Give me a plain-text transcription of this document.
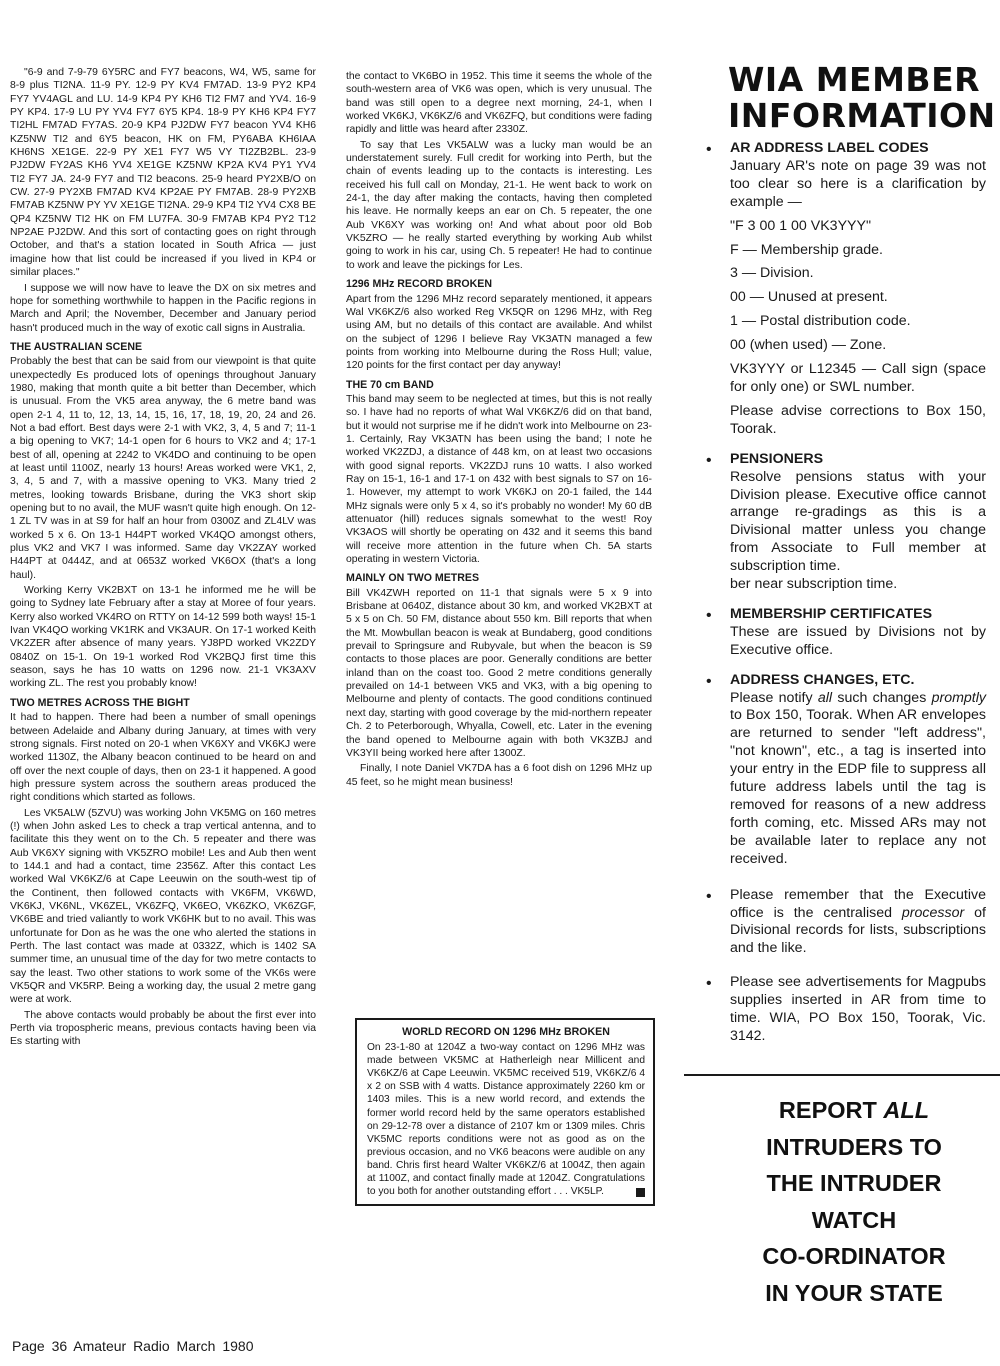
"6-9 and 7-9-79 6Y5RC and FY7 beacons, W4, W5, same for 8-9 plus TI2NA. 11-9 PY. 12-9 PY KV4 FM7AD. 13-9 PY2 KP4 FY7 YV4AGL and LU. 14-9 KP4 PY KH6 TI2 FM7 and YV4. 16-9 PY KP4. 17-9 LU PY YV4 FY7 6Y5 KP4. 18-9 PY KH6 KP4 FY7 TI2HL FM7AD FY7AS. 20-9 KP4 PJ2DW FY7 beacon YV4 KH6 KZ5NW TI2 and 6Y5 beacon, HK on FM, PY6ABA KH6IAA KH6NS XE1GE. 22-9 PY XE1 FY7 W5 VY TI2ZB2BL. 23-9 PJ2DW FY2AS KH6 YV4 XE1GE KZ5NW KP2A KV4 PY1 YV4 TI2 FY7 JA. 24-9 FY7 and TI2 beacons. 25-9 heard PY2XB/O on CW. 27-9 PY2XB FM7AD KV4 KP2AE PY FM7AB. 28-9 PY2XB FM7AB KZ5NW PY YV XE1GE TI2NA. 29-9 KP4 TI2 YV4 CX8 BE QP4 KZ5NW TI2 HK on FM LU7FA. 30-9 FM7AB KP4 PY2 T12 NP2AE PJ2DW. And this sort of contacting goes on right through October, and that's a station located in South Africa — just imagine how that list could be increased if you lived in KP4 or similar places."

I suppose we will now have to leave the DX on six metres and hope for something worthwhile to happen in the Pacific regions in March and April; the November, December and January period hasn't produced much in the way of exotic call signs in Australia.

THE AUSTRALIAN SCENE

Probably the best that can be said from our viewpoint is that quite unexpectedly Es produced lots of openings throughout January 1980, making that month quite a bit better than December, which is unusual. From the VK5 area anyway, the 6 metre band was open 2-1 4, 11 to, 12, 13, 14, 15, 16, 17, 18, 19, 20, 24 and 26. Not a bad effort. Best days were 2-1 with VK2, 3, 4, 5 and 7; 11-1 a big opening to VK7; 14-1 open for 6 hours to VK2 and 4; 17-1 best of all, opening at 2242 to VK4DO and continuing to be open at least until 1100Z, nearly 13 hours! Areas worked were VK1, 2, 3, 4, 5 and 7, with a massive opening to VK3. Many tried 2 metres, looking towards Brisbane, during the VK3 short skip opening but to no avail, the MUF wasn't quite high enough. On 12-1 ZL TV was in at S9 for half an hour from 0300Z and ZL4LV was worked 5 x 6. On 13-1 H44PT worked VK4QO amongst others, plus VK2 and VK7 I was informed. Same day VK2ZAY worked H44PT at 0444Z, and at 0653Z worked VK6OX (that's a long haul).

Working Kerry VK2BXT on 13-1 he informed me he will be going to Sydney late February after a stay at Moree of four years. Kerry also worked VK4RO on RTTY on 14-12 599 both ways! 15-1 Ivan VK4QO working VK1RK and VK3AUR. On 17-1 worked Keith VK2ZER after absence of many years. YJ8PD worked VK2ZDY 0840Z on 15-1. On 19-1 worked Rod VK2BQJ first time this season, says he has 10 watts on 1296 now. 21-1 VK3AXV working ZL. The rest you probably know!

TWO METRES ACROSS THE BIGHT

It had to happen. There had been a number of small openings between Adelaide and Albany during January, at times with very strong signals. First noted on 20-1 when VK6XY and VK6KJ were worked 1130Z, the Albany beacon continued to be heard on and off over the next couple of days, then on 23-1 it happened. A good high pressure system across the southern areas produced the right conditions which started as follows.

Les VK5ALW (5ZVU) was working John VK5MG on 160 metres (!) when John asked Les to check a trap vertical antenna, and to facilitate this they went on to the Ch. 5 repeater and there was Aub VK6XY signing with VK5ZRO mobile! Les and Aub then went to 144.1 and had a contact, time 2356Z. After this contact Les worked Wal VK6KZ/6 at Cape Leeuwin on the south-west tip of the Continent, then followed contacts with VK6FM, VK6WD, VK6KJ, VK6NL, VK6ZEL, VK6ZFQ, VK6EO, VK6ZKO, VK6ZGF, VK6BE and tried valiantly to work VK6HK but to no avail. This was unfortunate for Don as he was the one who alerted the stations in Perth. The last contact was made at 0332Z, which is 1402 SA summer time, an unusual time of the day for two metre contacts to say the least. Two other stations to work some of the VK6s were VK5QR and VK5RP. Being a working day, the usual 2 metre gang were at work.

The above contacts would probably be about the first ever into Perth via tropospheric means, previous contacts having been via Es starting with

the contact to VK6BO in 1952. This time it seems the whole of the south-western area of VK6 was open, which is very unusual. The band was still open to a degree next morning, 24-1, when I worked VK6KJ, VK6KZ/6 and VK6ZFQ, but conditions were fading rapidly and little was heard after 2330Z.

To say that Les VK5ALW was a lucky man would be an understatement surely. Full credit for working into Perth, but the chain of events leading up to the contacts is interesting. Les received his full call on Monday, 21-1. He went back to work on 24-1, the day after making the contacts, having then completed his leave. He normally keeps an ear on Ch. 5 repeater, the one Aub VK6XY was working on! And what about poor old Bob VK5ZRO — he really started everything by working Aub whilst going to work in his car, using Ch. 5 repeater! He had to continue to work and leave the pickings for Les.

1296 MHz RECORD BROKEN

Apart from the 1296 MHz record separately mentioned, it appears Wal VK6KZ/6 also worked Reg VK5QR on 1296 MHz, with Reg using AM, but no details of this contact are available. And whilst on the subject of 1296 I believe Ray VK3ATN managed a few points from working into Melbourne during the Ross Hull; value, 120 points for the first contact per day anyway!

THE 70 cm BAND

This band may seem to be neglected at times, but this is not really so. I have had no reports of what Wal VK6KZ/6 did on that band, but it would not surprise me if he didn't work into Melbourne on 23-1. Certainly, Ray VK3ATN has been using the band; I note he worked VK2ZDJ, a distance of 448 km, on at least two occasions with good signal reports. VK2ZDJ runs 10 watts. I also worked Ray on 15-1, 16-1 and 17-1 on 432 with best signals to S7 on 16-1. However, my attempt to work VK6KJ on 20-1 failed, the 144 MHz signals were only 5 x 4, so it's probably no wonder! My 60 dB attenuator (hill) reduces signals somewhat to the west! Roy VK3AOS will shortly be operating on 432 and it seems this band will receive more attention in the future when Ch. 5A starts operating in western Victoria.

MAINLY ON TWO METRES

Bill VK4ZWH reported on 11-1 that signals were 5 x 9 into Brisbane at 0640Z, distance about 30 km, and worked VK2BXT at 5 x 5 on Ch. 50 FM, distance about 550 km. Bill reports that when the Mt. Mowbullan beacon is weak at Bundaberg, good conditions prevail to Springsure and Rubyvale, but when the beacon is S9 contacts to those places are poor. Generally conditions are better inland than on the coast too. Good 2 metre conditions generally prevailed on 14-1 between VK5 and VK3, with a big opening to Melbourne and plenty of contacts. The good conditions continued next day, starting with good coverage by the mid-northern repeater Ch. 2 to Peterborough, Whyalla, Cowell, etc. Later in the evening the band opened to Melbourne again with both VK3ZBJ and VK3YII being worked here after 1300Z.

Finally, I note Daniel VK7DA has a 6 foot dish on 1296 MHz up 45 feet, so he might mean business!

WORLD RECORD ON 1296 MHz BROKEN
On 23-1-80 at 1204Z a two-way contact on 1296 MHz was made between VK5MC at Hatherleigh near Millicent and VK6KZ/6 at Cape Leeuwin. VK5MC received 519, VK6KZ/6 4 x 2 on SSB with 4 watts. Distance approximately 2260 km or 1403 miles. This is a new world record, and extends the former world record held by the same operators established on 29-12-78 over a distance of 2107 km or 1309 miles. Chris VK5MC reports conditions were not as good as on the previous occasion, and no VK6 beacons were audible on any band. Chris first heard Walter VK6KZ/6 at 1004Z, then again at 1100Z, and contact finally made at 1204Z. Congratulations to you both for another outstanding effort . . . VK5LP.
WIA MEMBER
INFORMATION
• AR ADDRESS LABEL CODES

January AR's note on page 39 was not too clear so here is a clarification by example —

"F 3 00 1 00 VK3YYY"

F — Membership grade.

3 — Division.

00 — Unused at present.

1 — Postal distribution code.

00 (when used) — Zone.

VK3YYY or L12345 — Call sign (space for only one) or SWL number.

Please advise corrections to Box 150, Toorak.

• PENSIONERS

Resolve pensions status with your Division please. Executive office cannot arrange re-gradings as this is a Divisional matter unless you change from Associate to Full member at subscription time.

ber near subscription time.

• MEMBERSHIP CERTIFICATES

These are issued by Divisions not by Executive office.

• ADDRESS CHANGES, ETC.

Please notify all such changes promptly to Box 150, Toorak. When AR envelopes are returned to sender "left address", "not known", etc., a tag is inserted into your entry in the EDP file to suppress all future address labels until the tag is removed for reasons of a new address forth coming, etc. Missed ARs may not be available later to replace any not received.

• Please remember that the Executive office is the centralised processor of Divisional records for lists, subscriptions and the like.

• Please see advertisements for Magpubs supplies inserted in AR from time to time. WIA, PO Box 150, Toorak, Vic. 3142.

REPORT ALL
INTRUDERS TO
THE INTRUDER
WATCH
CO-ORDINATOR
IN YOUR STATE
Page 36 Amateur Radio March 1980
